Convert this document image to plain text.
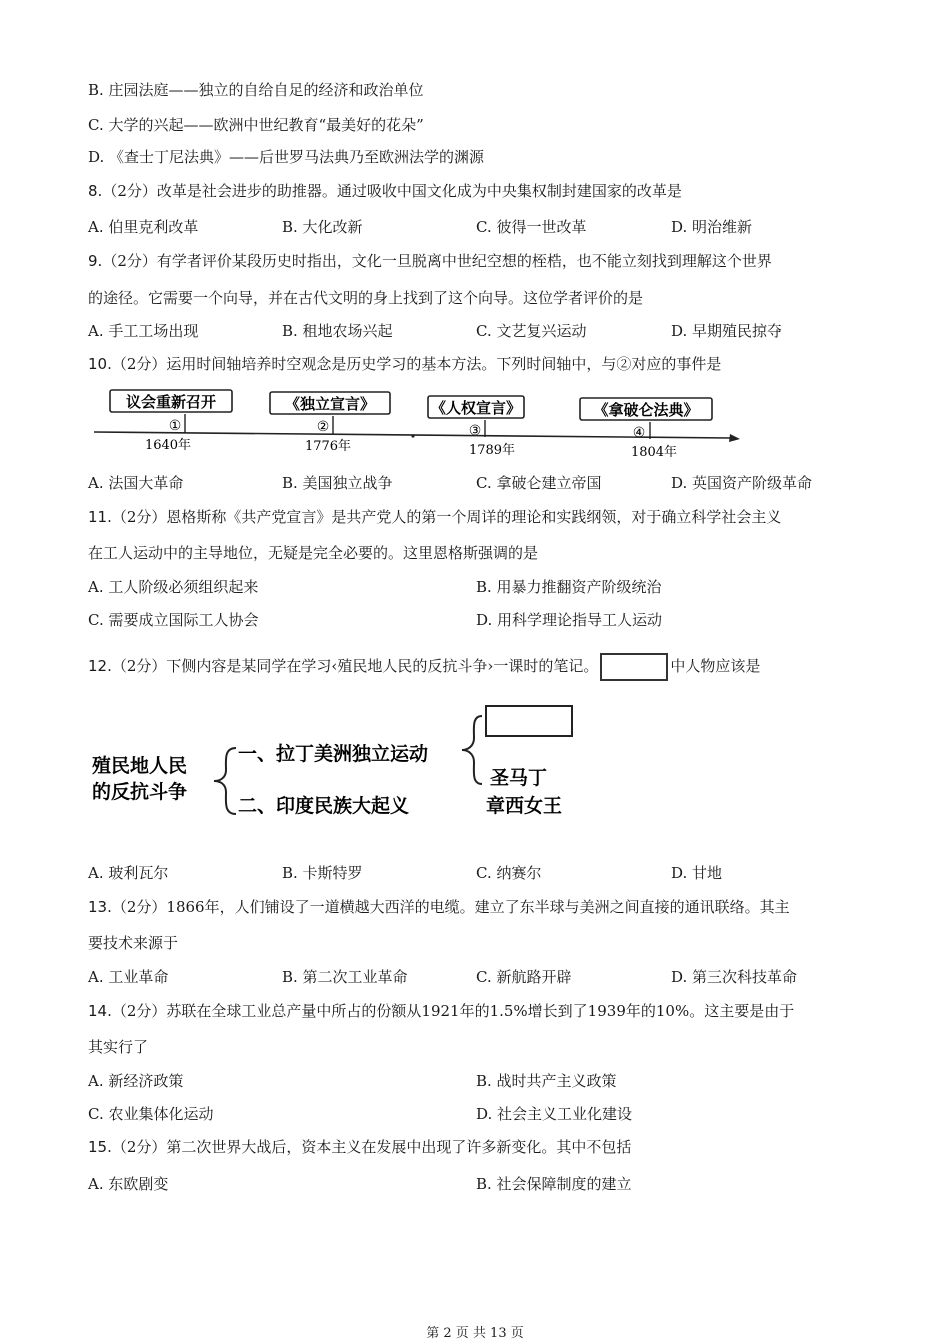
B. 庄园法庭——独立的自给自足的经济和政治单位
C. 大学的兴起——欧洲中世纪教育“最美好的花朵”
D. 《查士丁尼法典》——后世罗马法典乃至欧洲法学的渊源
8.（2分）改革是社会进步的助推器。通过吸收中国文化成为中央集权制封建国家的改革是
A. 伯里克利改革	B. 大化改新	C. 彼得一世改革	D. 明治维新
9.（2分）有学者评价某段历史时指出，文化一旦脱离中世纪空想的桎梏，也不能立刻找到理解这个世界
的途径。它需要一个向导，并在古代文明的身上找到了这个向导。这位学者评价的是
A. 手工工场出现	B. 租地农场兴起	C. 文艺复兴运动	D. 早期殖民掠夺
10.（2分）运用时间轴培养时空观念是历史学习的基本方法。下列时间轴中，与②对应的事件是
议会重新召开
①
1640年
《独立宣言》
②
1776年
《人权宣言》
③
1789年
《拿破仑法典》
④
1804年
A. 法国大革命	B. 美国独立战争	C. 拿破仑建立帝国	D. 英国资产阶级革命
11.（2分）恩格斯称《共产党宣言》是共产党人的第一个周详的理论和实践纲领，对于确立科学社会主义
在工人运动中的主导地位，无疑是完全必要的。这里恩格斯强调的是
A. 工人阶级必须组织起来	B. 用暴力推翻资产阶级统治
C. 需要成立国际工人协会	D. 用科学理论指导工人运动
12.（2分）下侧内容是某同学在学习‹殖民地人民的反抗斗争›一课时的笔记。	中人物应该是
殖民地人民
的反抗斗争
一、拉丁美洲独立运动
二、印度民族大起义
圣马丁
章西女王
A. 玻利瓦尔	B. 卡斯特罗	C. 纳赛尔	D. 甘地
13.（2分）1866年，人们铺设了一道横越大西洋的电缆。建立了东半球与美洲之间直接的通讯联络。其主
要技术来源于
A. 工业革命	B. 第二次工业革命	C. 新航路开辟	D. 第三次科技革命
14.（2分）苏联在全球工业总产量中所占的份额从1921年的1.5%增长到了1939年的10%。这主要是由于
其实行了
A. 新经济政策	B. 战时共产主义政策
C. 农业集体化运动	D. 社会主义工业化建设
15.（2分）第二次世界大战后，资本主义在发展中出现了许多新变化。其中不包括
A. 东欧剧变	B. 社会保障制度的建立
第 2 页 共 13 页
